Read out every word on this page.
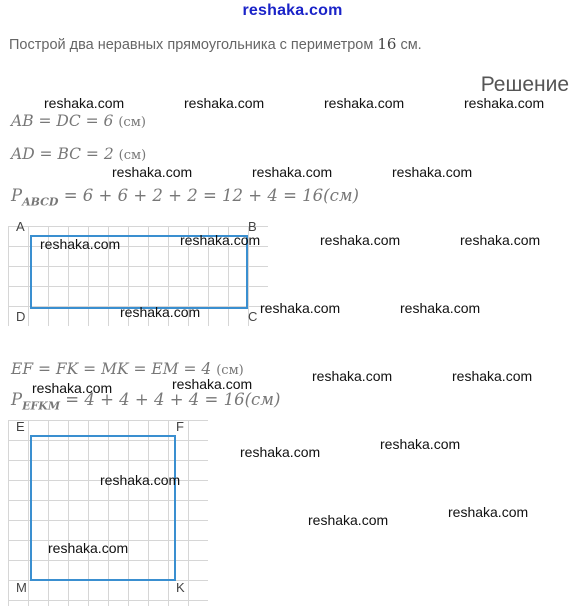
reshaka.com
Построй два неравных прямоугольника с периметром 16 см.
Решение
AB = DC = 6 (см)
AD = BC = 2 (см)
$P_{ABCD} = 6 + 6 + 2 + 2 = 12 + 4 = 16(см)$
A	B
C
D
EF = FK = MK = EM = 4 (см)
$P_{EFKM} = 4 + 4 + 4 + 4 = 16(см)$
E	F
K
M
reshaka.com	reshaka.com	reshaka.com	reshaka.com
reshaka.com	reshaka.com	reshaka.com
reshaka.com	reshaka.com	reshaka.com	reshaka.com
reshaka.com	reshaka.com
reshaka.com
reshaka.com	reshaka.com
reshaka.com
reshaka.com
reshaka.com
reshaka.com
reshaka.com
reshaka.com
reshaka.com
reshaka.com
